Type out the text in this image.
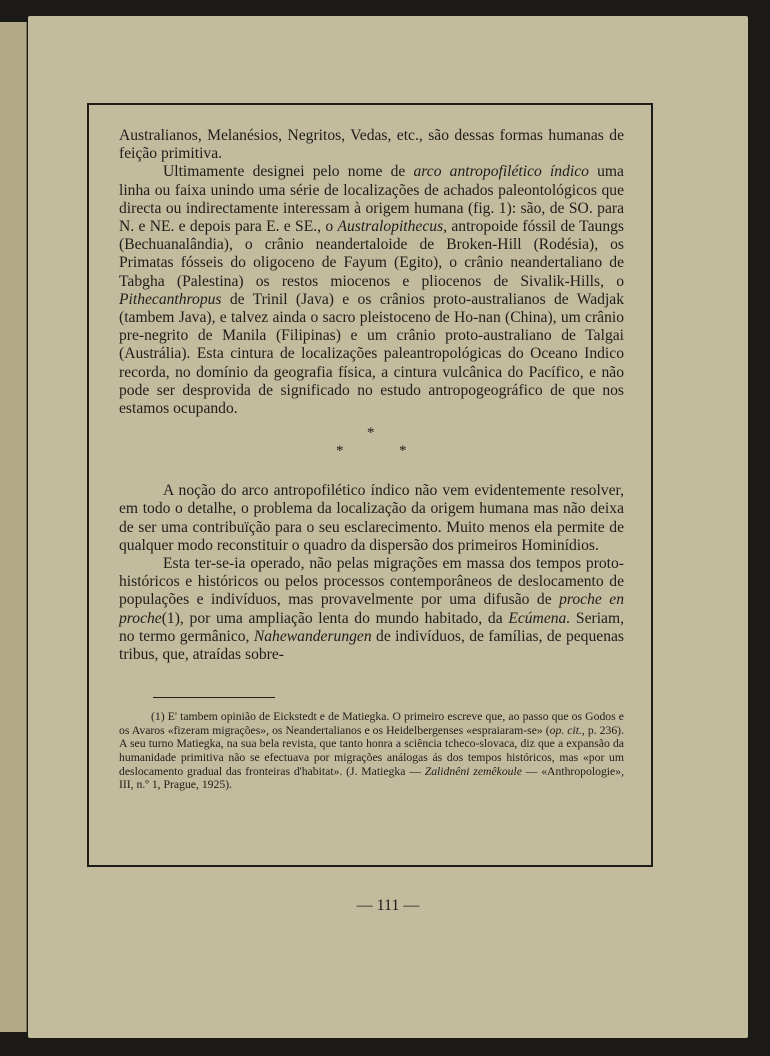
Australianos, Melanésios, Negritos, Vedas, etc., são dessas formas humanas de feição primitiva.

Ultimamente designei pelo nome de arco antropofilético índico uma linha ou faixa unindo uma série de localizações de achados paleontológicos que directa ou indirectamente interessam à origem humana (fig. 1): são, de SO. para N. e NE. e depois para E. e SE., o Australopithecus, antropoide fóssil de Taungs (Bechuanalândia), o crânio neandertaloide de Broken-Hill (Rodésia), os Primatas fósseis do oligoceno de Fayum (Egito), o crânio neandertaliano de Tabgha (Palestina) os restos miocenos e pliocenos de Sivalik-Hills, o Pithecanthropus de Trinil (Java) e os crânios proto-australianos de Wadjak (tambem Java), e talvez ainda o sacro pleistoceno de Ho-nan (China), um crânio pre-negrito de Manila (Filipinas) e um crânio proto-australiano de Talgai (Austrália). Esta cintura de localizações paleantropológicas do Oceano Indico recorda, no domínio da geografia física, a cintura vulcânica do Pacífico, e não pode ser desprovida de significado no estudo antropogeográfico de que nos estamos ocupando.

*
*	*

A noção do arco antropofilético índico não vem evidentemente resolver, em todo o detalhe, o problema da localização da origem humana mas não deixa de ser uma contribuïção para o seu esclarecimento. Muito menos ela permite de qualquer modo reconstituir o quadro da dispersão dos primeiros Hominídios.

Esta ter-se-ia operado, não pelas migrações em massa dos tempos proto-históricos e históricos ou pelos processos contemporâneos de deslocamento de populações e indivíduos, mas provavelmente por uma difusão de proche en proche(1), por uma ampliação lenta do mundo habitado, da Ecúmena. Seriam, no termo germânico, Nahewanderungen de indivíduos, de famílias, de pequenas tribus, que, atraídas sobre-

(1) E' tambem opinião de Eickstedt e de Matiegka. O primeiro escreve que, ao passo que os Godos e os Avaros «fizeram migrações», os Neandertalianos e os Heidelbergenses «espraiaram-se» (op. cit., p. 236). A seu turno Matiegka, na sua bela revista, que tanto honra a sciência tcheco-slovaca, diz que a expansão da humanidade primitiva não se efectuava por migrações análogas ás dos tempos históricos, mas «por um deslocamento gradual das fronteiras d'habitat». (J. Matiegka — Zalidnêni zemêkoule — «Anthropologie», III, n.º 1, Prague, 1925).

— 111 —
